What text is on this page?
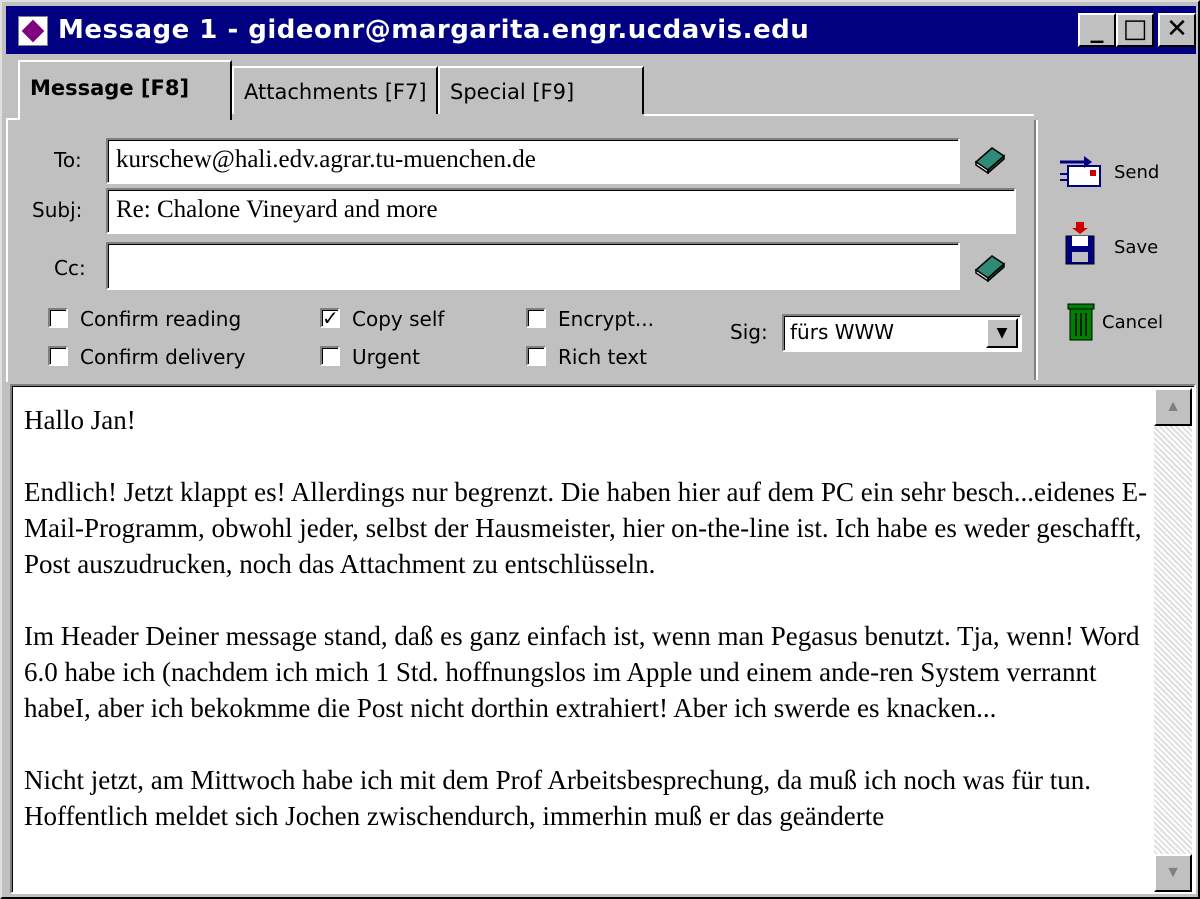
Message 1 - gideonr@margarita.engr.ucdavis.edu	_ □ ✕
Message [F8]	Attachments [F7]	Special [F9]
To:	kurschew@hali.edv.agrar.tu-muenchen.de
Subj:	Re: Chalone Vineyard and more
Cc:
Confirm reading
Confirm delivery
✓ Copy self
Urgent
Encrypt...
Rich text
Sig:	fürs WWW	▼
Send
Save
Cancel

Hallo Jan!

Endlich! Jetzt klappt es! Allerdings nur begrenzt. Die haben hier auf dem PC ein sehr besch...eidenes E-Mail-Programm, obwohl jeder, selbst der Hausmeister, hier on-the-line ist. Ich habe es weder geschafft, Post auszudrucken, noch das Attachment zu entschlüsseln.

Im Header Deiner message stand, daß es ganz einfach ist, wenn man Pegasus benutzt. Tja, wenn! Word 6.0 habe ich (nachdem ich mich 1 Std. hoffnungslos im Apple und einem ande-ren System verrannt habeI, aber ich bekokmme die Post nicht dorthin extrahiert! Aber ich swerde es knacken...

Nicht jetzt, am Mittwoch habe ich mit dem Prof Arbeitsbesprechung, da muß ich noch was für tun. Hoffentlich meldet sich Jochen zwischendurch, immerhin muß er das geänderte

▲
▼
